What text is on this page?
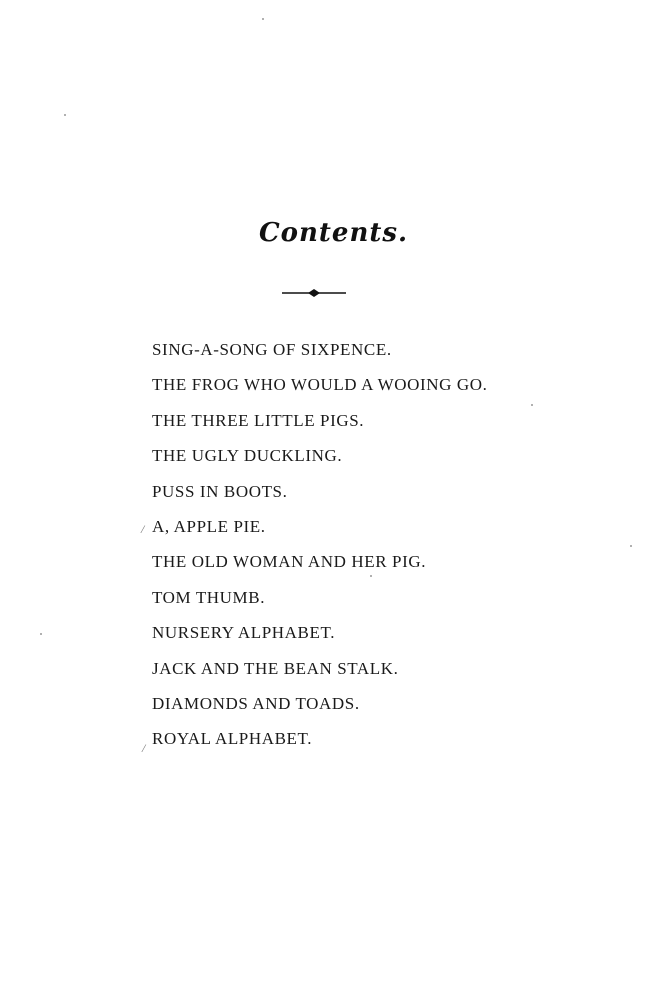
Contents.
SING-A-SONG OF SIXPENCE.
THE FROG WHO WOULD A WOOING GO.
THE THREE LITTLE PIGS.
THE UGLY DUCKLING.
PUSS IN BOOTS.
A, APPLE PIE.
THE OLD WOMAN AND HER PIG.
TOM THUMB.
NURSERY ALPHABET.
JACK AND THE BEAN STALK.
DIAMONDS AND TOADS.
ROYAL ALPHABET.
/
/
